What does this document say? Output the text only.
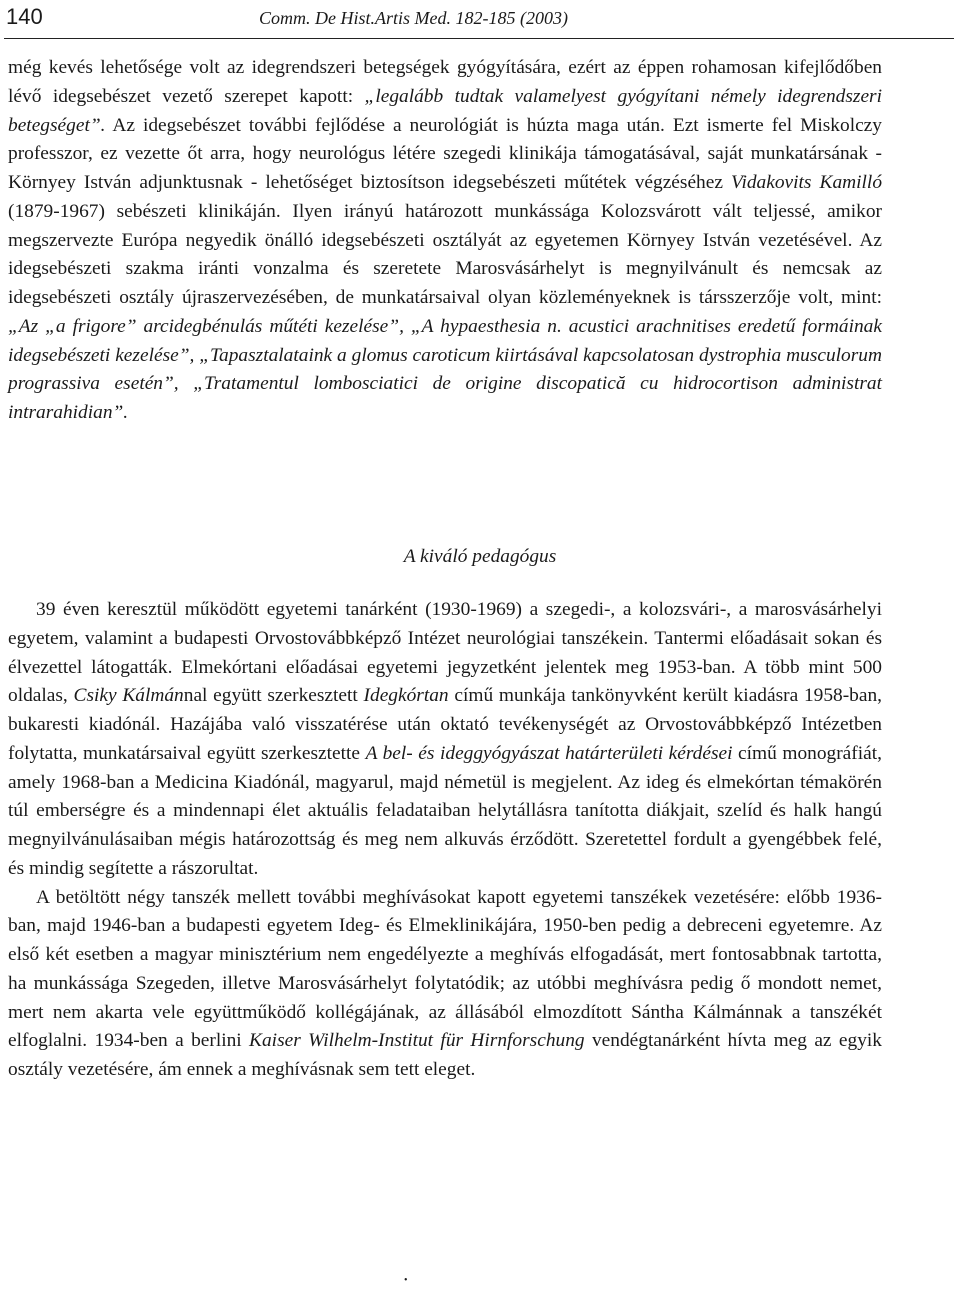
140	Comm. De Hist.Artis Med. 182-185 (2003)

még kevés lehetősége volt az idegrendszeri betegségek gyógyítására, ezért az éppen rohamosan kifejlődőben lévő idegsebészet vezető szerepet kapott: „legalább tudtak valamelyest gyógyítani némely idegrendszeri betegséget”. Az idegsebészet további fejlődése a neurológiát is húzta maga után. Ezt ismerte fel Miskolczy professzor, ez vezette őt arra, hogy neurológus létére szegedi klinikája támogatásával, saját munkatársának - Környey István adjunktusnak - lehetőséget biztosítson idegsebészeti műtétek végzéséhez Vidakovits Kamilló (1879-1967) sebészeti klinikáján. Ilyen irányú határozott munkássága Kolozsvárott vált teljessé, amikor megszervezte Európa negyedik önálló idegsebészeti osztályát az egyetemen Környey István vezetésével. Az idegsebészeti szakma iránti vonzalma és szeretete Marosvásárhelyt is megnyilvánult és nemcsak az idegsebészeti osztály újraszervezésében, de munkatársaival olyan közleményeknek is társszerzője volt, mint: „Az „a frigore” arcidegbénulás műtéti kezelése”, „A hypaesthesia n. acustici arachnitises eredetű formáinak idegsebészeti kezelése”, „Tapasztalataink a glomus caroticum kiirtásával kapcsolatosan dystrophia musculorum prograssiva esetén”, „Tratamentul lombosciatici de origine discopatică cu hidrocortison administrat intrarahidian”.

A kiváló pedagógus

39 éven keresztül működött egyetemi tanárként (1930-1969) a szegedi-, a kolozsvári-, a marosvásárhelyi egyetem, valamint a budapesti Orvostovábbképző Intézet neurológiai tanszékein. Tantermi előadásait sokan és élvezettel látogatták. Elmekórtani előadásai egyetemi jegyzetként jelentek meg 1953-ban. A több mint 500 oldalas, Csiky Kálmánnal együtt szerkesztett Idegkórtan című munkája tankönyvként került kiadásra 1958-ban, bukaresti kiadónál. Hazájába való visszatérése után oktató tevékenységét az Orvostovábbképző Intézetben folytatta, munkatársaival együtt szerkesztette A bel- és ideggyógyászat határterületi kérdései című monográfiát, amely 1968-ban a Medicina Kiadónál, magyarul, majd németül is megjelent. Az ideg és elmekórtan témakörén túl emberségre és a mindennapi élet aktuális feladataiban helytállásra tanította diákjait, szelíd és halk hangú megnyilvánulásaiban mégis határozottság és meg nem alkuvás érződött. Szeretettel fordult a gyengébbek felé, és mindig segítette a rászorultat.

A betöltött négy tanszék mellett további meghívásokat kapott egyetemi tanszékek vezetésére: előbb 1936-ban, majd 1946-ban a budapesti egyetem Ideg- és Elmeklinikájára, 1950-ben pedig a debreceni egyetemre. Az első két esetben a magyar minisztérium nem engedélyezte a meghívás elfogadását, mert fontosabbnak tartotta, ha munkássága Szegeden, illetve Marosvásárhelyt folytatódik; az utóbbi meghívásra pedig ő mondott nemet, mert nem akarta vele együttműködő kollégájának, az állásából elmozdított Sántha Kálmánnak a tanszékét elfoglalni. 1934-ben a berlini Kaiser Wilhelm-Institut für Hirnforschung vendégtanárként hívta meg az egyik osztály vezetésére, ám ennek a meghívásnak sem tett eleget.

•
